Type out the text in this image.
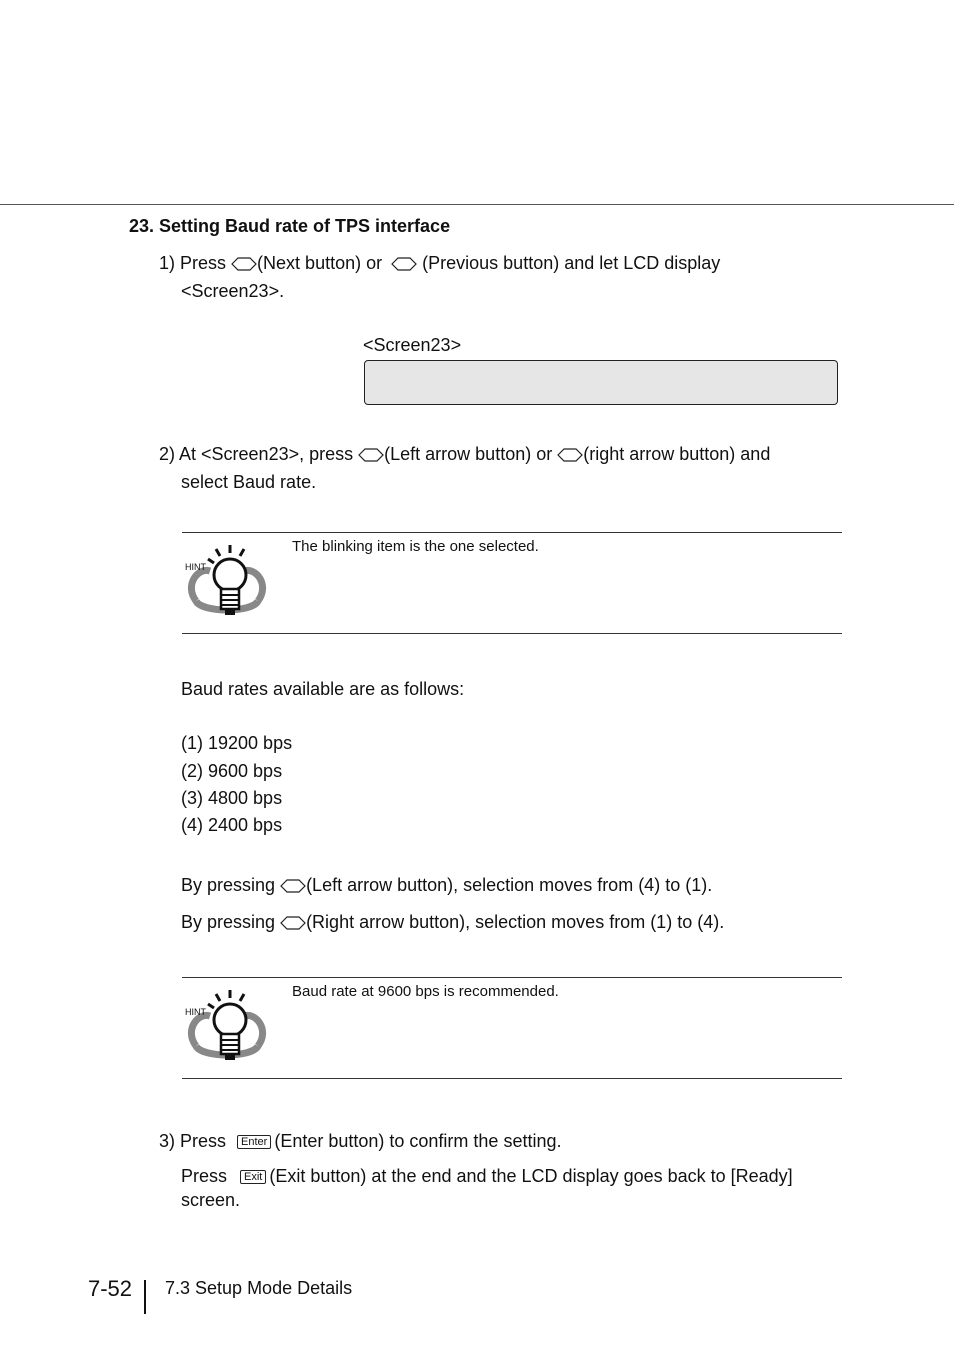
23. Setting Baud rate of TPS interface
1) Press (Next button) or (Previous button) and let LCD display
<Screen23>.
<Screen23>
2) At <Screen23>, press (Left arrow button) or (right arrow button) and
select Baud rate.
HINT
The blinking item is the one selected.
Baud rates available are as follows:
(1) 19200 bps
(2) 9600 bps
(3) 4800 bps
(4) 2400 bps
By pressing (Left arrow button), selection moves from (4) to (1).
By pressing (Right arrow button), selection moves from (1) to (4).
HINT
Baud rate at 9600 bps is recommended.
3) Press Enter (Enter button) to confirm the setting.
Press Exit (Exit button) at the end and the LCD display goes back to [Ready]
screen.
7-52 7.3 Setup Mode Details
